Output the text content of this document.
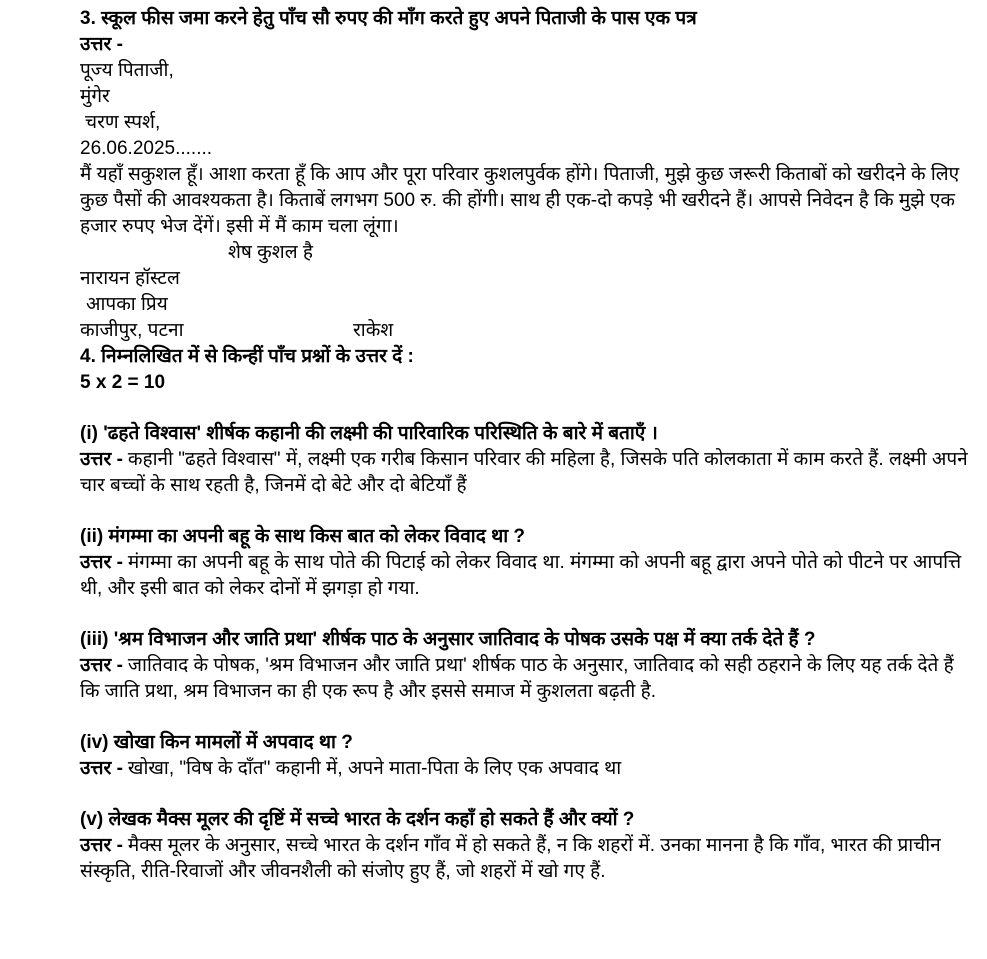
3. स्कूल फीस जमा करने हेतु पाँच सौ रुपए की माँग करते हुए अपने पिताजी के पास एक पत्र

उत्तर -

पूज्य पिताजी,

मुंगेर

चरण स्पर्श,

26.06.2025.......

मैं यहाँ सकुशल हूँ। आशा करता हूँ कि आप और पूरा परिवार कुशलपुर्वक होंगे। पिताजी, मुझे कुछ जरूरी किताबों को खरीदने के लिए कुछ पैसों की आवश्यकता है। किताबें लगभग 500 रु. की होंगी। साथ ही एक-दो कपड़े भी खरीदने हैं। आपसे निवेदन है कि मुझे एक हजार रुपए भेज देंगें। इसी में मैं काम चला लूंगा।

शेष कुशल है

नारायन हॉस्टल

आपका प्रिय

काजीपुर, पटना	राकेश

4. निम्नलिखित में से किन्हीं पाँच प्रश्नों के उत्तर दें :

5 x 2 = 10

(i) 'ढहते विश्वास' शीर्षक कहानी की लक्ष्मी की पारिवारिक परिस्थिति के बारे में बताएँ ।

उत्तर - कहानी "ढहते विश्वास" में, लक्ष्मी एक गरीब किसान परिवार की महिला है, जिसके पति कोलकाता में काम करते हैं. लक्ष्मी अपने चार बच्चों के साथ रहती है, जिनमें दो बेटे और दो बेटियाँ हैं

(ii) मंगम्मा का अपनी बहू के साथ किस बात को लेकर विवाद था ?

उत्तर - मंगम्मा का अपनी बहू के साथ पोते की पिटाई को लेकर विवाद था. मंगम्मा को अपनी बहू द्वारा अपने पोते को पीटने पर आपत्ति थी, और इसी बात को लेकर दोनों में झगड़ा हो गया.

(iii) 'श्रम विभाजन और जाति प्रथा' शीर्षक पाठ के अनुसार जातिवाद के पोषक उसके पक्ष में क्या तर्क देते हैं ?

उत्तर - जातिवाद के पोषक, 'श्रम विभाजन और जाति प्रथा' शीर्षक पाठ के अनुसार, जातिवाद को सही ठहराने के लिए यह तर्क देते हैं कि जाति प्रथा, श्रम विभाजन का ही एक रूप है और इससे समाज में कुशलता बढ़ती है.

(iv) खोखा किन मामलों में अपवाद था ?

उत्तर - खोखा, "विष के दाँत" कहानी में, अपने माता-पिता के लिए एक अपवाद था

(v) लेखक मैक्स मूलर की दृष्टिं में सच्चे भारत के दर्शन कहाँ हो सकते हैं और क्यों ?

उत्तर - मैक्स मूलर के अनुसार, सच्चे भारत के दर्शन गाँव में हो सकते हैं, न कि शहरों में. उनका मानना है कि गाँव, भारत की प्राचीन संस्कृति, रीति-रिवाजों और जीवनशैली को संजोए हुए हैं, जो शहरों में खो गए हैं.
